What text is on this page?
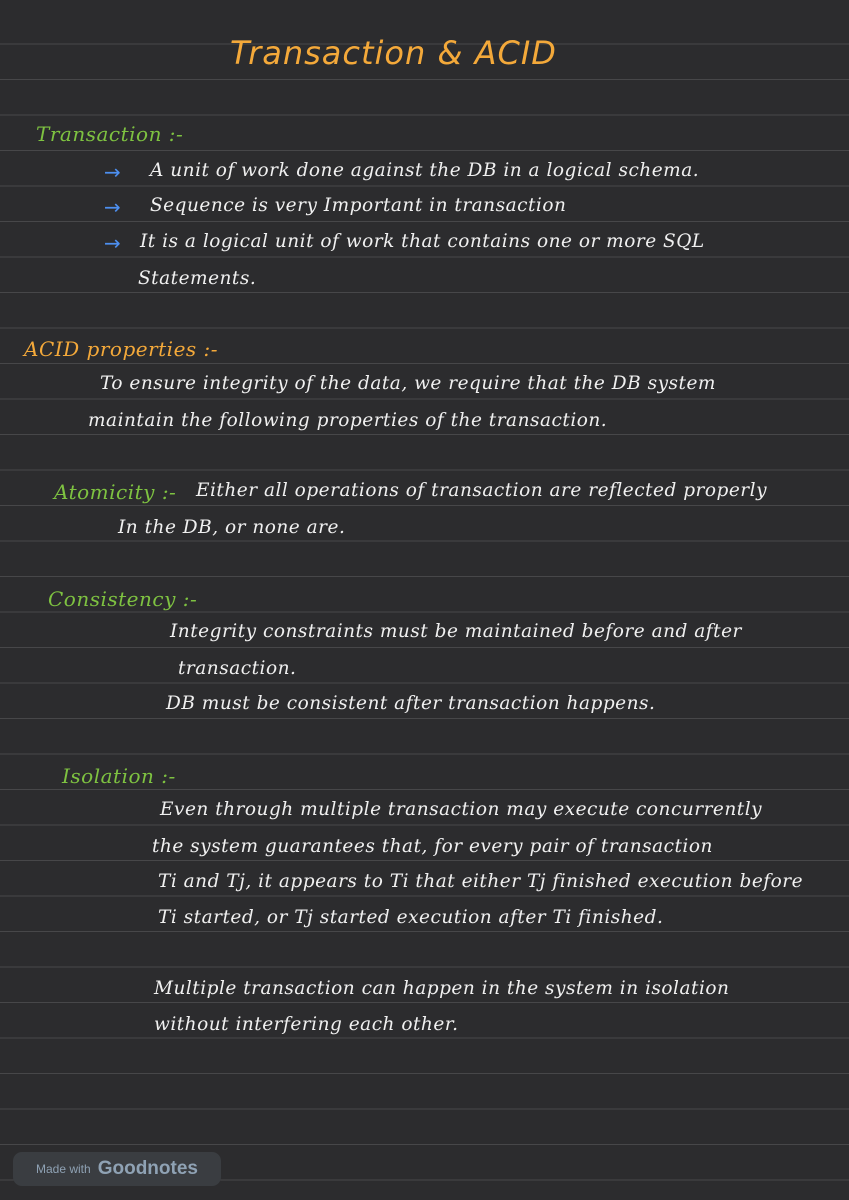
Transaction & ACID
Transaction :-
→ A unit of work done against the DB in a logical schema.
→ Sequence is very Important in transaction
→ It is a logical unit of work that contains one or more SQL
Statements.
ACID properties :-
To ensure integrity of the data, we require that the DB system
maintain the following properties of the transaction.
Atomicity :- Either all operations of transaction are reflected properly
In the DB, or none are.
Consistency :-
Integrity constraints must be maintained before and after
transaction.
DB must be consistent after transaction happens.
Isolation :-
Even through multiple transaction may execute concurrently
the system guarantees that, for every pair of transaction
Ti and Tj, it appears to Ti that either Tj finished execution before
Ti started, or Tj started execution after Ti finished.
Multiple transaction can happen in the system in isolation
without interfering each other.
Made with Goodnotes
